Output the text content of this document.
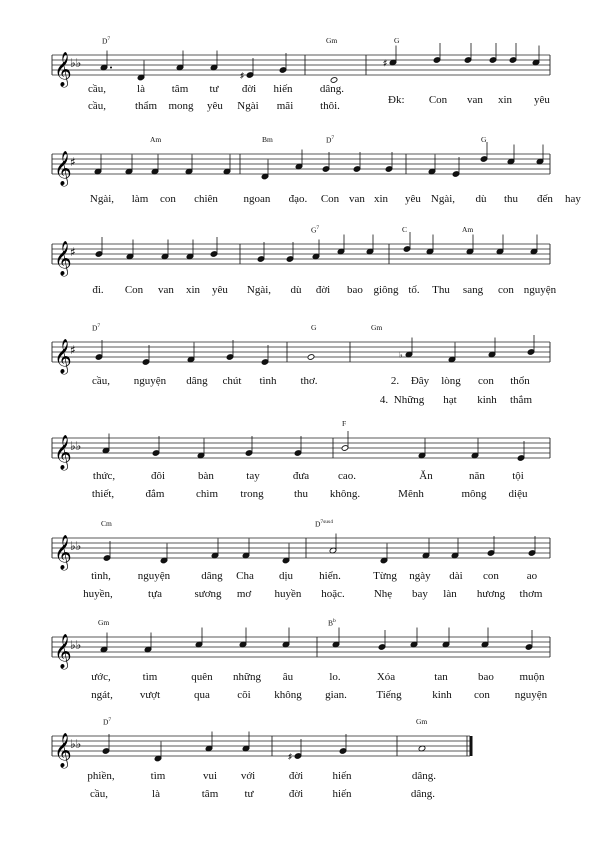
𝄞
♭♭
♯
♯
$D^7$	Gm	G
cầu,	là tâm tư đời hiến dâng.
cầu,	thẩm mong yêu Ngài mãi thôi.	Đk: Con van xin yêu
𝄞
♯
Am	Bm	$D^7$	G
Ngài, làm con chiên ngoan đạo. Con van xin yêu Ngài, dù thu đến hay
𝄞
♯
$G^7$	C	Am
đi. Con van xin yêu Ngài, dù đời bao giông tố. Thu sang con nguyện
𝄞
♯	♭
$D^7$	G	Gm
cầu, nguyện dâng chút tình thơ.	2. Đây lòng con thổn
4. Những hạt kinh thắm
𝄞
♭♭
F
thức,	đôi	bàn	tay	đưa	cao.	Ăn	năn tội
thiết,	đắm	chìm trong	thu không.	Mênh	mông diệu
𝄞
♭♭
Cm	$D^{7sus4}$
tình, nguyện	dâng Cha dịu hiển.	Từng ngày dài con	ao
huyền,	tựa	sương mơ huyền hoặc.	Nhẹ bay làn hương thơm
𝄞
♭♭
Gm	$B^b$
ước,	tìm	quên những âu	lo.	Xóa	tan	bao muộn
ngát, vượt	qua cõi không gian.	Tiếng	kinh con nguyện
𝄞
♭♭
♯
$D^7$	Gm
phiền,	tìm	vui với	đời	hiến	dâng.
cầu,	là	tâm tư	đời	hiến	dâng.
